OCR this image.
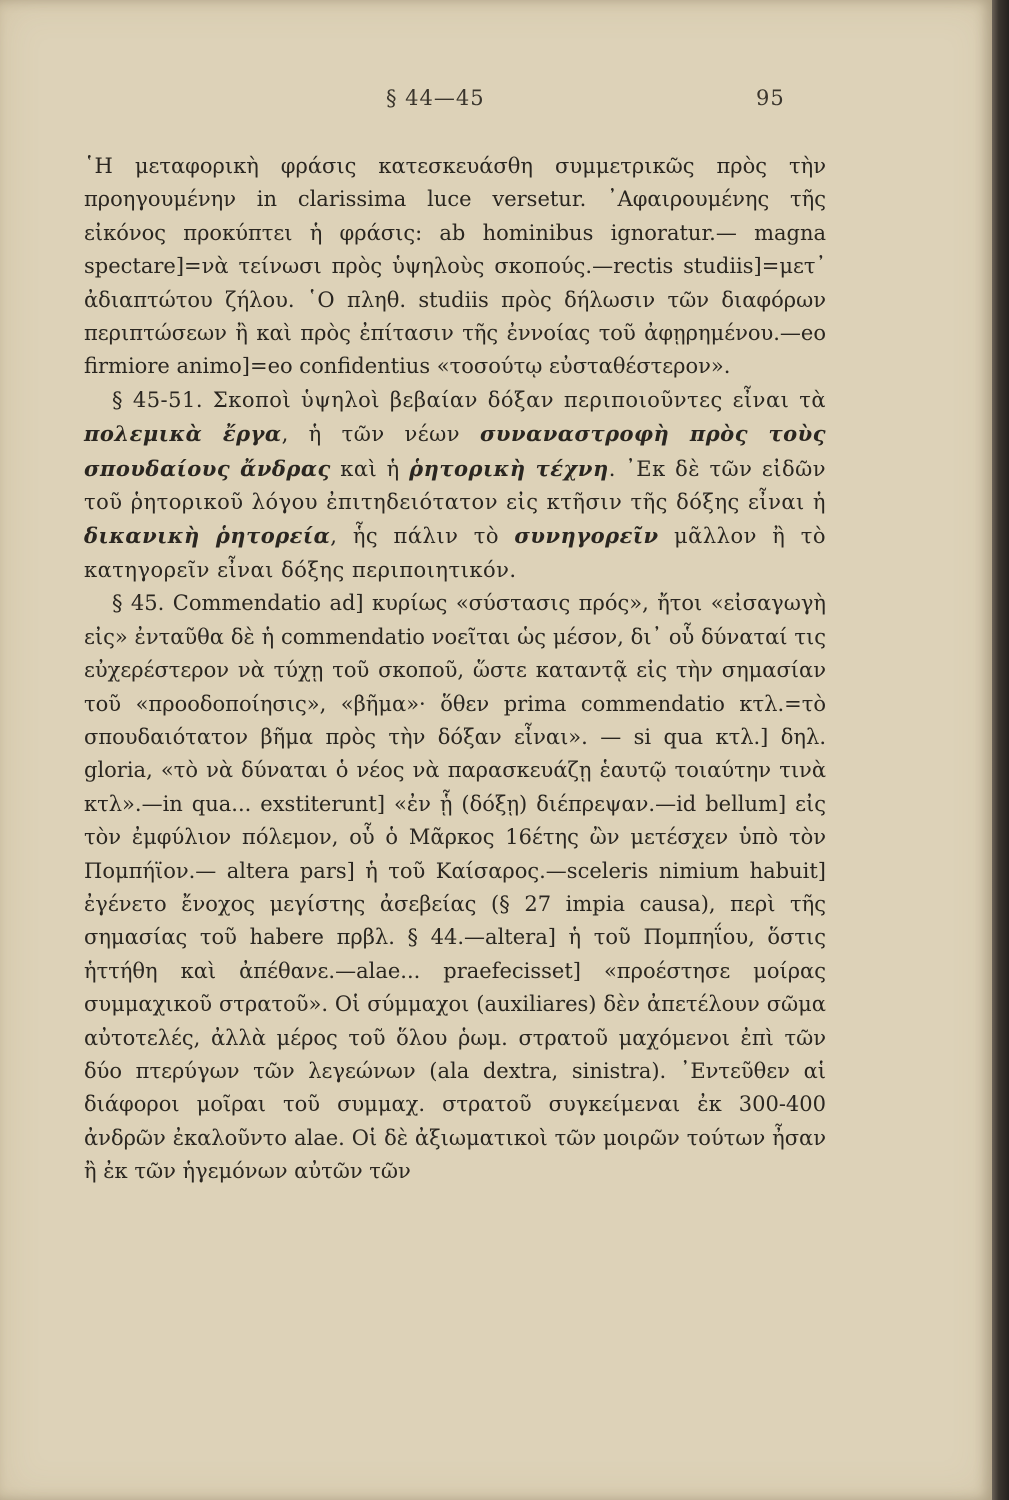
§ 44—45	95

῾Η μεταφορικὴ φράσις κατεσκευάσθη συμμετρικῶς πρὸς τὴν προηγουμένην in clarissima luce versetur. ᾿Αφαιρουμένης τῆς εἰκόνος προκύπτει ἡ φράσις: ab hominibus ignoratur.— magna spectare]=νὰ τείνωσι πρὸς ὑψηλοὺς σκοπούς.—rectis studiis]=μετ᾿ ἀδιαπτώτου ζήλου. ῾Ο πληθ. studiis πρὸς δήλωσιν τῶν διαφόρων περιπτώσεων ἢ καὶ πρὸς ἐπίτασιν τῆς ἐννοίας τοῦ ἀφῃρημένου.—eo firmiore animo]=eo confidentius «τοσούτῳ εὐσταθέστερον».

§ 45-51. Σκοποὶ ὑψηλοὶ βεβαίαν δόξαν περιποιοῦντες εἶναι τὰ πολεμικὰ ἔργα, ἡ τῶν νέων συναναστροφὴ πρὸς τοὺς σπουδαίους ἄνδρας καὶ ἡ ῥητορικὴ τέχνη. ᾿Εκ δὲ τῶν εἰδῶν τοῦ ῥητορικοῦ λόγου ἐπιτηδειότατον εἰς κτῆσιν τῆς δόξης εἶναι ἡ δικανικὴ ῥητορεία, ἧς πάλιν τὸ συνηγορεῖν μᾶλλον ἢ τὸ κατηγορεῖν εἶναι δόξης περιποιητικόν.

§ 45. Commendatio ad] κυρίως «σύστασις πρός», ἤτοι «εἰσαγωγὴ εἰς» ἐνταῦθα δὲ ἡ commendatio νοεῖται ὡς μέσον, δι᾿ οὗ δύναταί τις εὐχερέστερον νὰ τύχῃ τοῦ σκοποῦ, ὥστε καταντᾷ εἰς τὴν σημασίαν τοῦ «προοδοποίησις», «βῆμα»· ὅθεν prima commendatio κτλ.=τὸ σπουδαιότατον βῆμα πρὸς τὴν δόξαν εἶναι». — si qua κτλ.] δηλ. gloria, «τὸ νὰ δύναται ὁ νέος νὰ παρασκευάζῃ ἑαυτῷ τοιαύτην τινὰ κτλ».—in qua... exstiterunt] «ἐν ᾗ (δόξῃ) διέπρεψαν.—id bellum] εἰς τὸν ἐμφύλιον πόλεμον, οὗ ὁ Μᾶρκος 16έτης ὢν μετέσχεν ὑπὸ τὸν Πομπήϊον.— altera pars] ἡ τοῦ Καίσαρος.—sceleris nimium habuit] ἐγένετο ἔνοχος μεγίστης ἀσεβείας (§ 27 impia causa), περὶ τῆς σημασίας τοῦ habere πρβλ. § 44.—altera] ἡ τοῦ Πομπηΐου, ὅστις ἡττήθη καὶ ἀπέθανε.—alae... praefecisset] «προέστησε μοίρας συμμαχικοῦ στρατοῦ». Οἱ σύμμαχοι (auxiliares) δὲν ἀπετέλουν σῶμα αὐτοτελές, ἀλλὰ μέρος τοῦ ὅλου ῥωμ. στρατοῦ μαχόμενοι ἐπὶ τῶν δύο πτερύγων τῶν λεγεώνων (ala dextra, sinistra). ᾿Εντεῦθεν αἱ διάφοροι μοῖραι τοῦ συμμαχ. στρατοῦ συγκείμεναι ἐκ 300-400 ἀνδρῶν ἐκαλοῦντο alae. Οἱ δὲ ἀξιωματικοὶ τῶν μοιρῶν τούτων ἦσαν ἢ ἐκ τῶν ἡγεμόνων αὐτῶν τῶν
